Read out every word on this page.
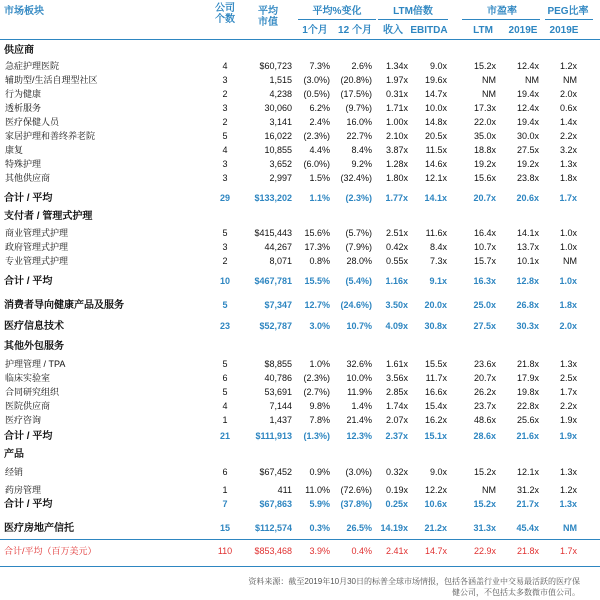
市场板块	公司
个数
平均
市值
平均%变化	LTM倍数	市盈率	PEG比率
1个月	12 个月	收入 EBITDA	LTM	2019E	2019E
供应商
急症护理医院	4	$60,723	7.3%	2.6%	1.34x	9.0x	15.2x	12.4x	1.2x
辅助型/生活自理型社区	3	1,515	(3.0%)	(20.8%)	1.97x	19.6x	NM	NM	NM
行为健康	2	4,238	(0.5%)	(17.5%)	0.31x	14.7x	NM	19.4x	2.0x
透析服务	3	30,060	6.2%	(9.7%)	1.71x	10.0x	17.3x	12.4x	0.6x
医疗保健人员	2	3,141	2.4%	16.0%	1.00x	14.8x	22.0x	19.4x	1.4x
家居护理和善终养老院	5	16,022	(2.3%)	22.7%	2.10x	20.5x	35.0x	30.0x	2.2x
康复	4	10,855	4.4%	8.4%	3.87x	11.5x	18.8x	27.5x	3.2x
特殊护理	3	3,652	(6.0%)	9.2%	1.28x	14.6x	19.2x	19.2x	1.3x
其他供应商	3	2,997	1.5%	(32.4%)	1.80x	12.1x	15.6x	23.8x	1.8x
合计 / 平均	29	$133,202	1.1%	(2.3%)	1.77x	14.1x	20.7x	20.6x	1.7x
支付者 / 管理式护理
商业管理式护理	5	$415,443	15.6%	(5.7%)	2.51x	11.6x	16.4x	14.1x	1.0x
政府管理式护理	3	44,267	17.3%	(7.9%)	0.42x	8.4x	10.7x	13.7x	1.0x
专业管理式护理	2	8,071	0.8%	28.0%	0.55x	7.3x	15.7x	10.1x	NM
合计 / 平均	10	$467,781	15.5%	(5.4%)	1.16x	9.1x	16.3x	12.8x	1.0x
消费者导向健康产品及服务	5	$7,347	12.7%	(24.6%)	3.50x	20.0x	25.0x	26.8x	1.8x
医疗信息技术	23	$52,787	3.0%	10.7%	4.09x	30.8x	27.5x	30.3x	2.0x
其他外包服务
护理管理 / TPA	5	$8,855	1.0%	32.6%	1.61x	15.5x	23.6x	21.8x	1.3x
临床实验室	6	40,786	(2.3%)	10.0%	3.56x	11.7x	20.7x	17.9x	2.5x
合同研究组织	5	53,691	(2.7%)	11.9%	2.85x	16.6x	26.2x	19.8x	1.7x
医院供应商	4	7,144	9.8%	1.4%	1.74x	15.4x	23.7x	22.8x	2.2x
医疗咨询	1	1,437	7.8%	21.4%	2.07x	16.2x	48.6x	25.6x	1.9x
合计 / 平均	21	$111,913	(1.3%)	12.3%	2.37x	15.1x	28.6x	21.6x	1.9x
产品
经销	6	$67,452	0.9%	(3.0%)	0.32x	9.0x	15.2x	12.1x	1.3x
药房管理	1	411	11.0%	(72.6%)	0.19x	12.2x	NM	31.2x	1.2x
合计 / 平均	7	$67,863	5.9%	(37.8%)	0.25x	10.6x	15.2x	21.7x	1.3x
医疗房地产信托	15	$112,574	0.3%	26.5% 14.19x	21.2x	31.3x	45.4x	NM
合计/平均（百万美元）	110	$853,468	3.9%	0.4%	2.41x	14.7x	22.9x	21.8x	1.7x
资料来源：截至2019年10月30日的标普全球市场情报，包括各涵盖行业中交易最活跃的医疗保
健公司，不包括太多数微市值公司。
